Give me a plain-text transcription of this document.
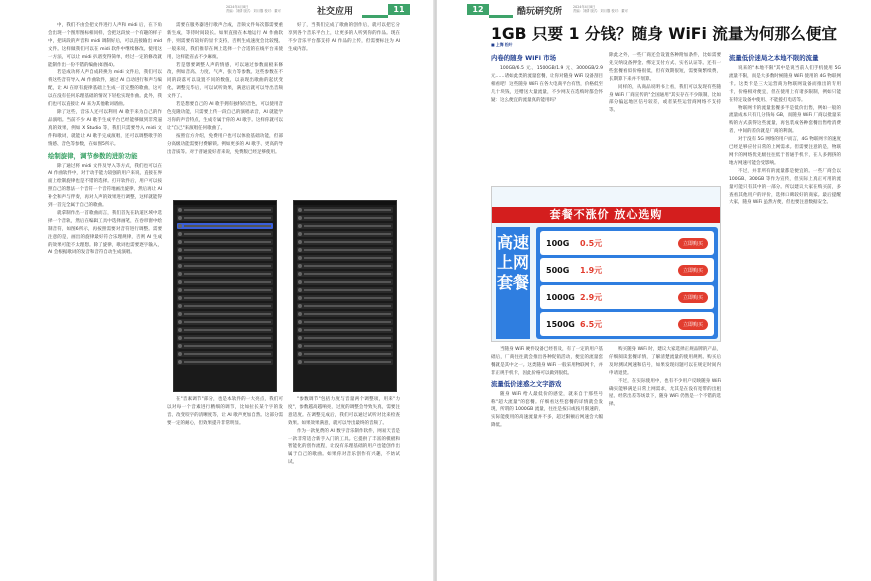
2024年4月8日
责编：刘倩 版式：刘月馨 校对：董可	社交应用	11

中，我们不由会把文件进行人声和 midi 后，在下角会出现一个图形图标相同样，会把这段放一个有趣的样子中，把该段的声音和 midi 调制好后，可以直接输出 mid 文件。这样做我们可以在 midi 软件中继续修改。使用这一方法，可以让 midi 扒谱变得简单，经过一定的修改就能制作出一份不错的编曲(如图4)。

若是成功将人声自成转换为 midi 文件后，我们可以将这些音符导入 AI 作曲软件，通过 AI 自动进行和声与编配，让 AI 在原有旋律基础上生成一首完整的歌曲，这可以在没有任何乐理基础的情况下轻松实现作曲。此外，我们也可以直接让 AI 来为其他歌词谱曲。

除了这些，音乐人还可以利用 AI 歌手来为自己的作品演唱。当前不少 AI 歌手生成平台已经能够做到非常逼真的效果，例如 X Studio 等，我们只需要导入 midi 文件和歌词，就能让 AI 歌手完成演唱，还可以调整歌手的情感、音色等参数，在如图5所示。

绘制旋律，调节参数的进阶功能

除了通过将 midi 文件及导入等方式，我们也可以在 AI 作曲软件中，对于动手能力较强的用户来说，直接在界面上绘制旋律也是不错的选择。打开软件后，用户可以按照自己的想法一个音符一个音符地画出旋律，然后再让 AI 补全和声与伴奏，再对人声的效果进行调整，这样就能得到一首完全属于自己的歌曲。

就拿制作出一首歌曲而言，我们首先在轨道区域中选择一个音轨，然后在编辑工具中选择画笔，在卷帘窗中绘制音符，如图6所示，再按照需要对音符进行调整。需要注意的是，画出的旋律最好符合乐理规律，否则 AI 生成的效果可能不太理想。除了旋律，歌词也需要逐字输入，AI 会根据歌词的发音和音符自动生成演唱。

需要在服务器进行歌声合成，音频文件每次都需要重新生成，等待时间较长。如果直接在本地运行 AI 作曲软件，则需要有较好的显卡支持，否则生成速度会比较慢。一般来说，我们推荐在网上选择一个合适的在线平台来使用，这样能省去不少麻烦。

若是想要调整人声的情感，可以通过参数面板来修改，例如音高、力度、气声、张力等参数。这些参数在不同的段落可以设置不同的数值，以表现出歌曲的起伏变化。调整完毕后，可以试听效果，满意后就可以导出音频文件了。

若是想要自己的 AI 歌手拥有独特的音色，可以使用音色克隆功能，只需要上传一段自己的演唱录音，AI 就能学习你的声音特点，生成专属于你的 AI 歌手。这样你就可以让"自己"来演唱任何歌曲了。

按照官方介绍，免费用户也可以体验基础功能，但部分高级功能需要付费解锁。例如更多的 AI 歌手、更高的导出音质等。对于普通爱好者来说，免费版已经足够使用。

好了，当我们完成了歌曲的创作后，就可以把它分享到各个音乐平台上，让更多的人听到你的作品。现在不少音乐平台都支持 AI 作品的上传，但需要标注为 AI 生成内容。

在"音素调节"部分，也是本软件的一大亮点，我们可以对每一个音素进行精细的调节，比如拉长某个字的发音、改变咬字的清晰度等，让 AI 歌声更加自然。这部分需要一定的耐心，但效果提升非常明显。

"参数调节"包括力度与音量两个调整项，用来"力度"，参数越高越响亮，过度的调整会导致失真，需要注意适度。在调整完成后，我们可以通过试听对比来检查效果。如果效果满意，就可以导出最终的音频了。

作为一款免费的 AI 数字音乐制作软件，网易天音是一款非常适合新手入门的工具。它提供了丰富的模板和智能化的创作流程，让没有乐理基础的用户也能创作出属于自己的歌曲。如果你对音乐创作有兴趣，不妨试试。

12	酷玩研究所	2024年4月8日
责编：刘倩 版式：刘月馨 校对：董可
1GB 只要 1 分钱？随身 WiFi 流量为何那么便宜
■ 上海 松叶
内卷的随身 WiFi 市场

100GB/6.5 元、1500GB/1.9 元、3000GB/2.9 元……诸如此类的流量套餐，让你对随身 WiFi 设备刮目相看吧！这些随身 WiFi 在各大电商平台有售，价格低至几十块钱，还赠送大量流量，不少网友在选购时都会怀疑：这么便宜的流量真的能用吗？

除此之外，一些厂商还会设置各种附加条件，比如需要先交纳设备押金、绑定支付方式、实名认证等。还有一些套餐看似价格很低，但有效期很短，需要频繁续费，长期算下来并不划算。

同样的，从商品说明书上看，我们可以发现有些随身 WiFi 厂商宣传的"全国通用"其实存在不少限制，比如部分偏远地区信号较差，或者某些运营商网络不支持等。

套餐不涨价 放心选购
高速上网套餐
100G	0.5元	立即购买
500G	1.9元	立即购买
1000G 2.9元	立即购买
1500G 6.5元	立即购买

当随身 WiFi 硬件设备已经普及，有了一定的用户基础后，厂商往往就会推出各种促销活动，便宜的流量套餐就是其中之一。这类随身 WiFi 一般采用物联网卡，并非正规手机卡，因此价格可以做到很低。

流量低价迷惑之文字游戏

随身 WiFi 给人最低价的感觉，就来自于那些号称"超大流量"的套餐。仔细看这些套餐的详情就会发现，所谓的 1000GB 流量，往往是按日或按月限速的，实际能使用的高速流量并不多，超过限额后网速会大幅降低。

购买随身 WiFi 时，建议大家选择正规品牌的产品，仔细阅读套餐详情，了解清楚流量的使用规则。购买后及时测试网速和信号，如果发现问题可以在规定时间内申请退货。

不过，在实际使用中，也有不少用户反映随身 WiFi 确实能够满足日常上网需求，尤其是在没有宽带的出租屋、经常出差等场景下，随身 WiFi 仍然是一个不错的选择。

流量低价迷局之本地不限的流量

说来的"本地不限"其中是说当前人们手机使用 5G 流量不限，而是大多数时候随身 WiFi 使用的 4G 物联网卡。这类卡是三大运营商为物联网设备而推出的专用卡，价格相对便宜，但在使用上有诸多限制，例如只能在特定设备中使用、不能拨打电话等。

物联网卡的流量套餐多半是低价出售，例如一般的流量成本只有几分钱每 GB，而随身 WiFi 厂商以批量采购的方式获得这些流量，再包装成各种套餐出售给消费者，中间的差价就是厂商的利润。

对于没有 5G 网络的用户而言，4G 物联网卡的速度已经足够应付日常的上网需求。但需要注意的是，物联网卡的网络优先级往往低于普通手机卡，在人多拥挤的地方网速可能会受影响。

不过，并非所有的流量都是便宜的。一些厂商会以 100GB、300GB 等作为宣传，但实际上真正可用的流量可能只有其中的一部分。所以建议大家在购买前，多查看其他用户的评价，选择口碑较好的商家。最后提醒大家，随身 WiFi 虽然方便，但也要注意数据安全。
